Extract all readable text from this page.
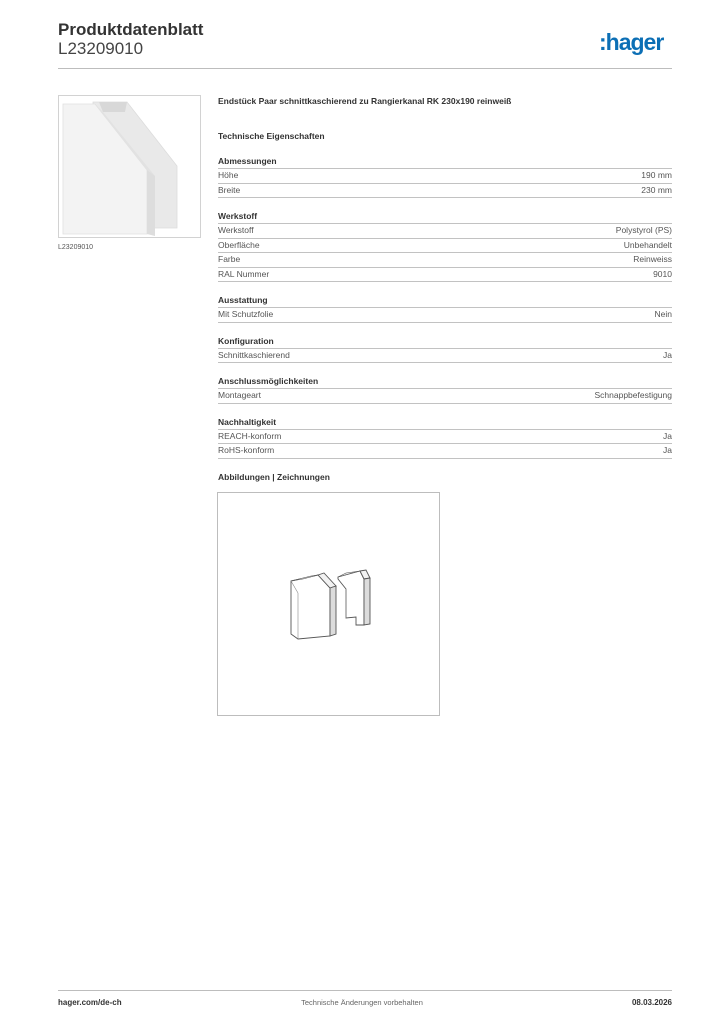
Produktdatenblatt
L23209010	:hager
L23209010
Endstück Paar schnittkaschierend zu Rangierkanal RK 230x190 reinweiß
Technische Eigenschaften
Abmessungen
Höhe	190 mm
Breite	230 mm
Werkstoff
Werkstoff	Polystyrol (PS)
Oberfläche	Unbehandelt
Farbe	Reinweiss
RAL Nummer	9010
Ausstattung
Mit Schutzfolie	Nein
Konfiguration
Schnittkaschierend	Ja
Anschlussmöglichkeiten
Montageart	Schnappbefestigung
Nachhaltigkeit
REACH-konform	Ja
RoHS-konform	Ja
Abbildungen | Zeichnungen
hager.com/de-ch	Technische Änderungen vorbehalten	08.03.2026
